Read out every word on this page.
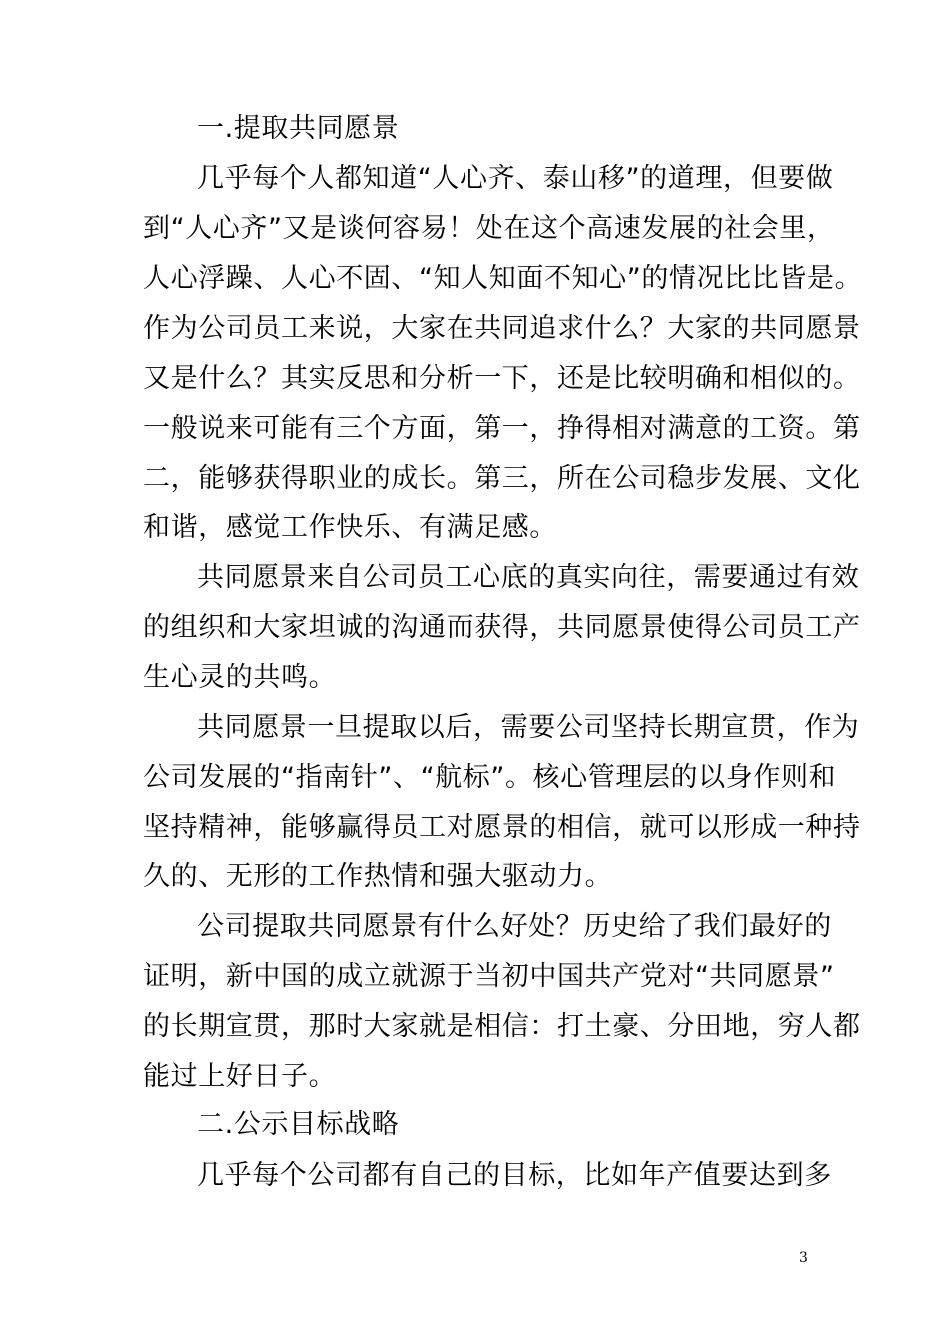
一.提取共同愿景
几乎每个人都知道“人心齐、泰山移”的道理，但要做
到“人心齐”又是谈何容易！处在这个高速发展的社会里，
人心浮躁、人心不固、“知人知面不知心”的情况比比皆是。
作为公司员工来说，大家在共同追求什么？大家的共同愿景
又是什么？其实反思和分析一下，还是比较明确和相似的。
一般说来可能有三个方面，第一，挣得相对满意的工资。第
二，能够获得职业的成长。第三，所在公司稳步发展、文化
和谐，感觉工作快乐、有满足感。
共同愿景来自公司员工心底的真实向往，需要通过有效
的组织和大家坦诚的沟通而获得，共同愿景使得公司员工产
生心灵的共鸣。
共同愿景一旦提取以后，需要公司坚持长期宣贯，作为
公司发展的“指南针”、“航标”。核心管理层的以身作则和
坚持精神，能够赢得员工对愿景的相信，就可以形成一种持
久的、无形的工作热情和强大驱动力。
公司提取共同愿景有什么好处？历史给了我们最好的
证明，新中国的成立就源于当初中国共产党对“共同愿景”
的长期宣贯，那时大家就是相信：打土豪、分田地，穷人都
能过上好日子。
二.公示目标战略
几乎每个公司都有自己的目标，比如年产值要达到多
3
